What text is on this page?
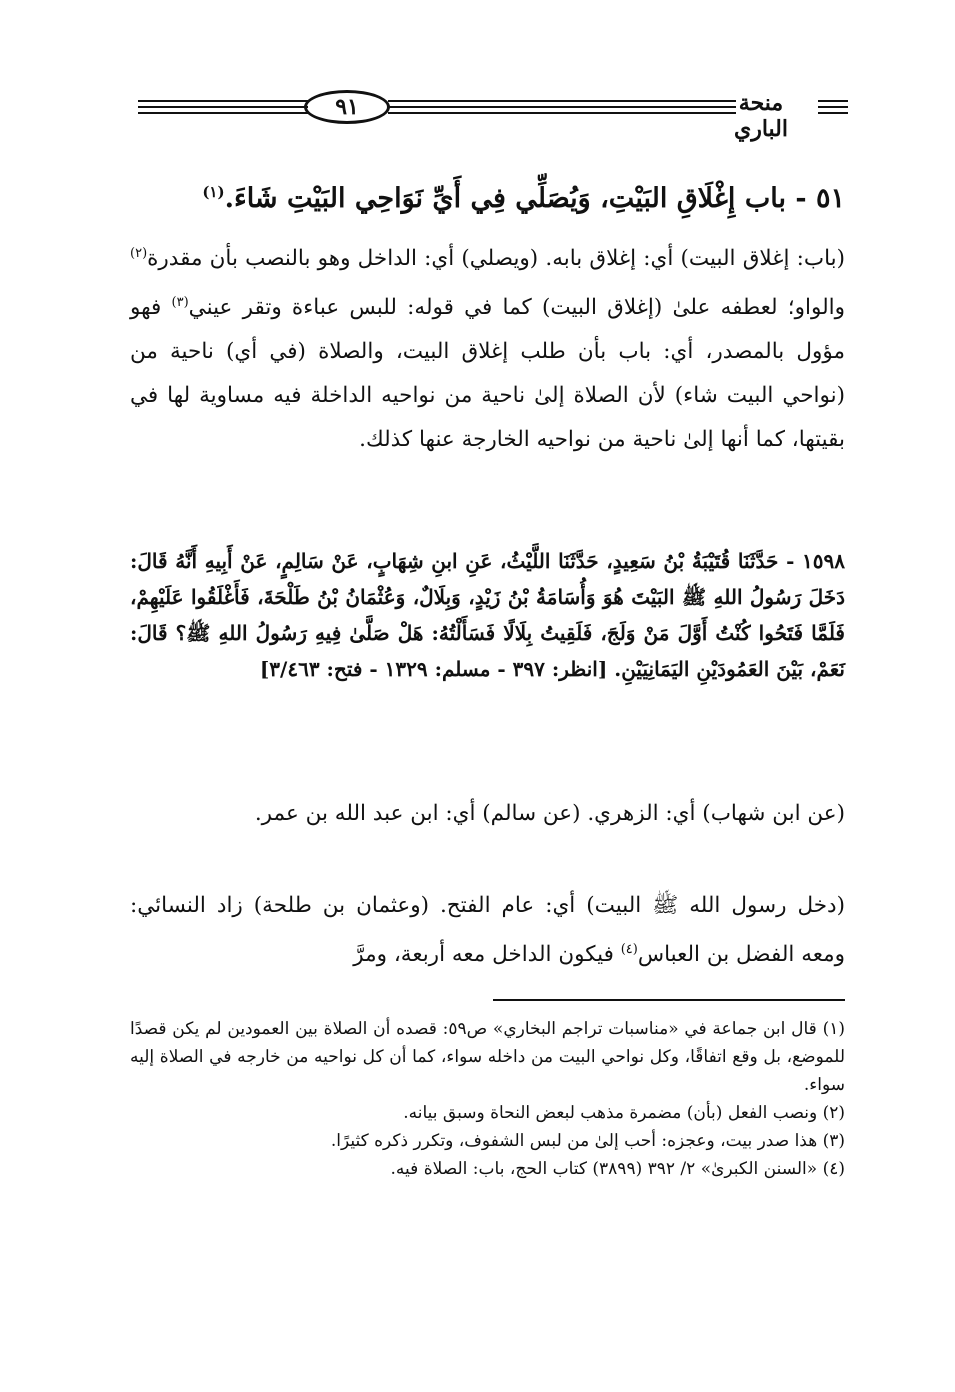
٩١	منحة الباري
٥١ - باب إِغْلَاقِ البَيْتِ، وَيُصَلِّي فِي أَيِّ نَوَاحِي البَيْتِ شَاءَ.$^{(١)}$

(باب: إغلاق البيت) أي: إغلاق بابه. (ويصلي) أي: الداخل وهو بالنصب بأن مقدرة$^{(٢)}$ والواو؛ لعطفه علىٰ (إغلاق البيت) كما في قوله: للبس عباءة وتقر عيني$^{(٣)}$ فهو مؤول بالمصدر، أي: باب بأن طلب إغلاق البيت، والصلاة (في أي) ناحية من (نواحي البيت شاء) لأن الصلاة إلىٰ ناحية من نواحيه الداخلة فيه مساوية لها في بقيتها، كما أنها إلىٰ ناحية من نواحيه الخارجة عنها كذلك.

١٥٩٨ - حَدَّثَنَا قُتَيْبَةُ بْنُ سَعِيدٍ، حَدَّثَنَا اللَّيْثُ، عَنِ ابنِ شِهَابٍ، عَنْ سَالِمٍ، عَنْ أَبِيهِ أَنَّهُ قَالَ: دَخَلَ رَسُولُ اللهِ ﷺ البَيْتَ هُوَ وَأُسَامَةُ بْنُ زَيْدٍ، وَبِلَالٌ، وَعُثْمَانُ بْنُ طَلْحَةَ، فَأَغْلَقُوا عَلَيْهِمْ، فَلَمَّا فَتَحُوا كُنْتُ أَوَّلَ مَنْ وَلَجَ، فَلَقِيتُ بِلَالًا فَسَأَلْتُهُ: هَلْ صَلَّىٰ فِيهِ رَسُولُ اللهِ ﷺ؟ قَالَ: نَعَمْ، بَيْنَ العَمُودَيْنِ اليَمَانِيَيْنِ. [انظر: ٣٩٧ - مسلم: ١٣٢٩ - فتح: ٣/٤٦٣]

(عن ابن شهاب) أي: الزهري. (عن سالم) أي: ابن عبد الله بن عمر.

(دخل رسول الله ﷺ البيت) أي: عام الفتح. (وعثمان بن طلحة) زاد النسائي: ومعه الفضل بن العباس$^{(٤)}$ فيكون الداخل معه أربعة، ومرَّ

(١) قال ابن جماعة في «مناسبات تراجم البخاري» ص٥٩: قصده أن الصلاة بين العمودين لم يكن قصدًا للموضع، بل وقع اتفاقًا، وكل نواحي البيت من داخله سواء، كما أن كل نواحيه من خارجه في الصلاة إليه سواء.
(٢) ونصب الفعل (بأن) مضمرة مذهب لبعض النحاة وسبق بيانه.
(٣) هذا صدر بيت، وعجزه: أحب إلىٰ من لبس الشفوف، وتكرر ذكره كثيرًا.
(٤) «السنن الكبرىٰ» ٢/ ٣٩٢ (٣٨٩٩) كتاب الحج، باب: الصلاة فيه.
